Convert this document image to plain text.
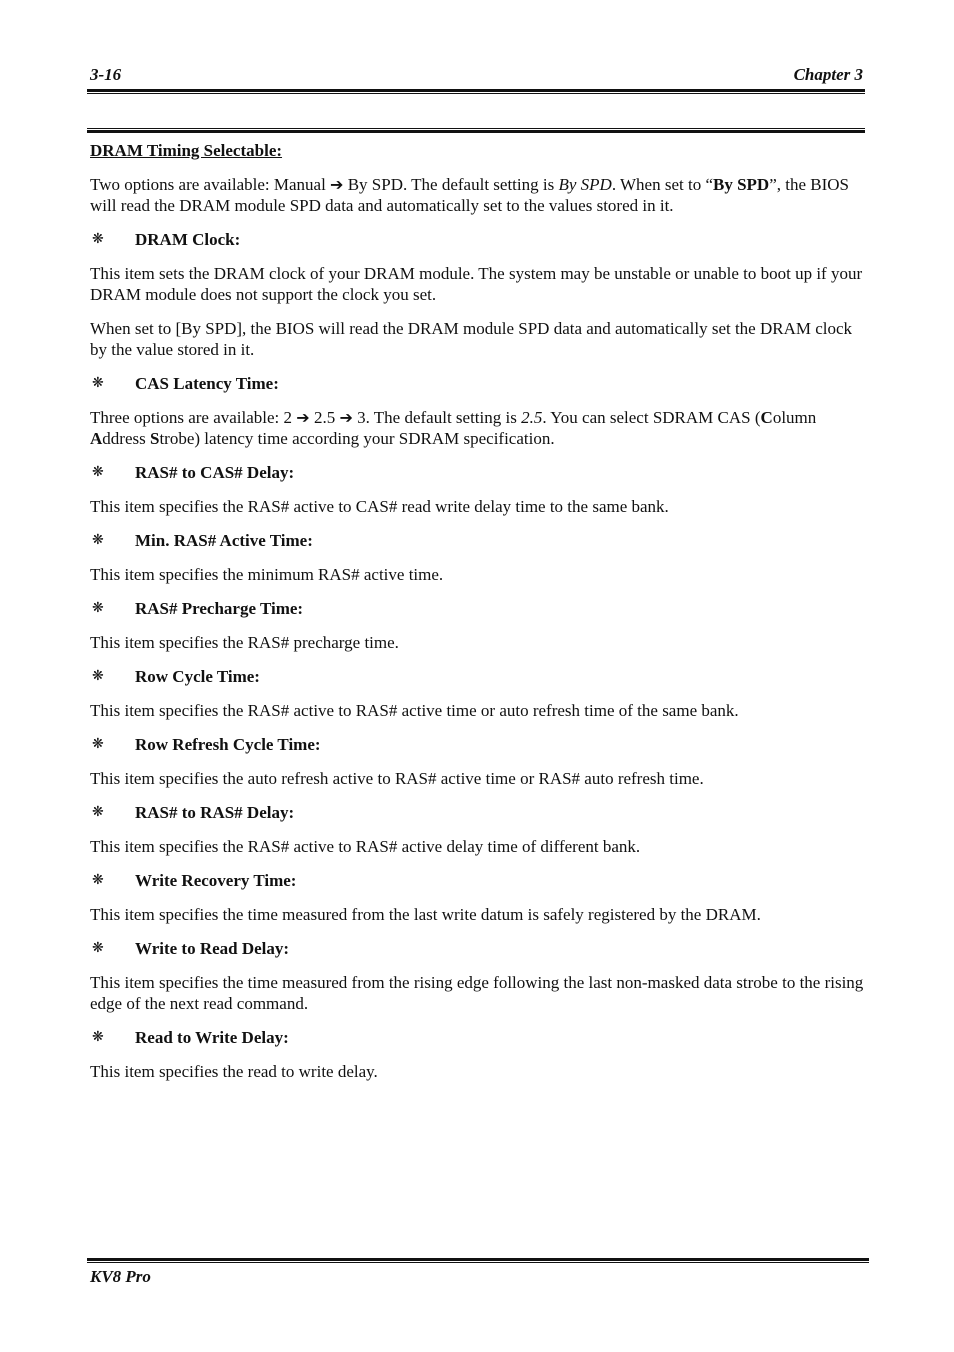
3-16	Chapter 3
DRAM Timing Selectable:

Two options are available: Manual ➔ By SPD. The default setting is By SPD. When set to “By SPD”, the BIOS will read the DRAM module SPD data and automatically set to the values stored in it.

❋	DRAM Clock:

This item sets the DRAM clock of your DRAM module. The system may be unstable or unable to boot up if your DRAM module does not support the clock you set.

When set to [By SPD], the BIOS will read the DRAM module SPD data and automatically set the DRAM clock by the value stored in it.

❋	CAS Latency Time:

Three options are available: 2 ➔ 2.5 ➔ 3. The default setting is 2.5. You can select SDRAM CAS (Column Address Strobe) latency time according your SDRAM specification.

❋	RAS# to CAS# Delay:

This item specifies the RAS# active to CAS# read write delay time to the same bank.

❋	Min. RAS# Active Time:

This item specifies the minimum RAS# active time.

❋	RAS# Precharge Time:

This item specifies the RAS# precharge time.

❋	Row Cycle Time:

This item specifies the RAS# active to RAS# active time or auto refresh time of the same bank.

❋	Row Refresh Cycle Time:

This item specifies the auto refresh active to RAS# active time or RAS# auto refresh time.

❋	RAS# to RAS# Delay:

This item specifies the RAS# active to RAS# active delay time of different bank.

❋	Write Recovery Time:

This item specifies the time measured from the last write datum is safely registered by the DRAM.

❋	Write to Read Delay:

This item specifies the time measured from the rising edge following the last non-masked data strobe to the rising edge of the next read command.

❋	Read to Write Delay:

This item specifies the read to write delay.

KV8 Pro
